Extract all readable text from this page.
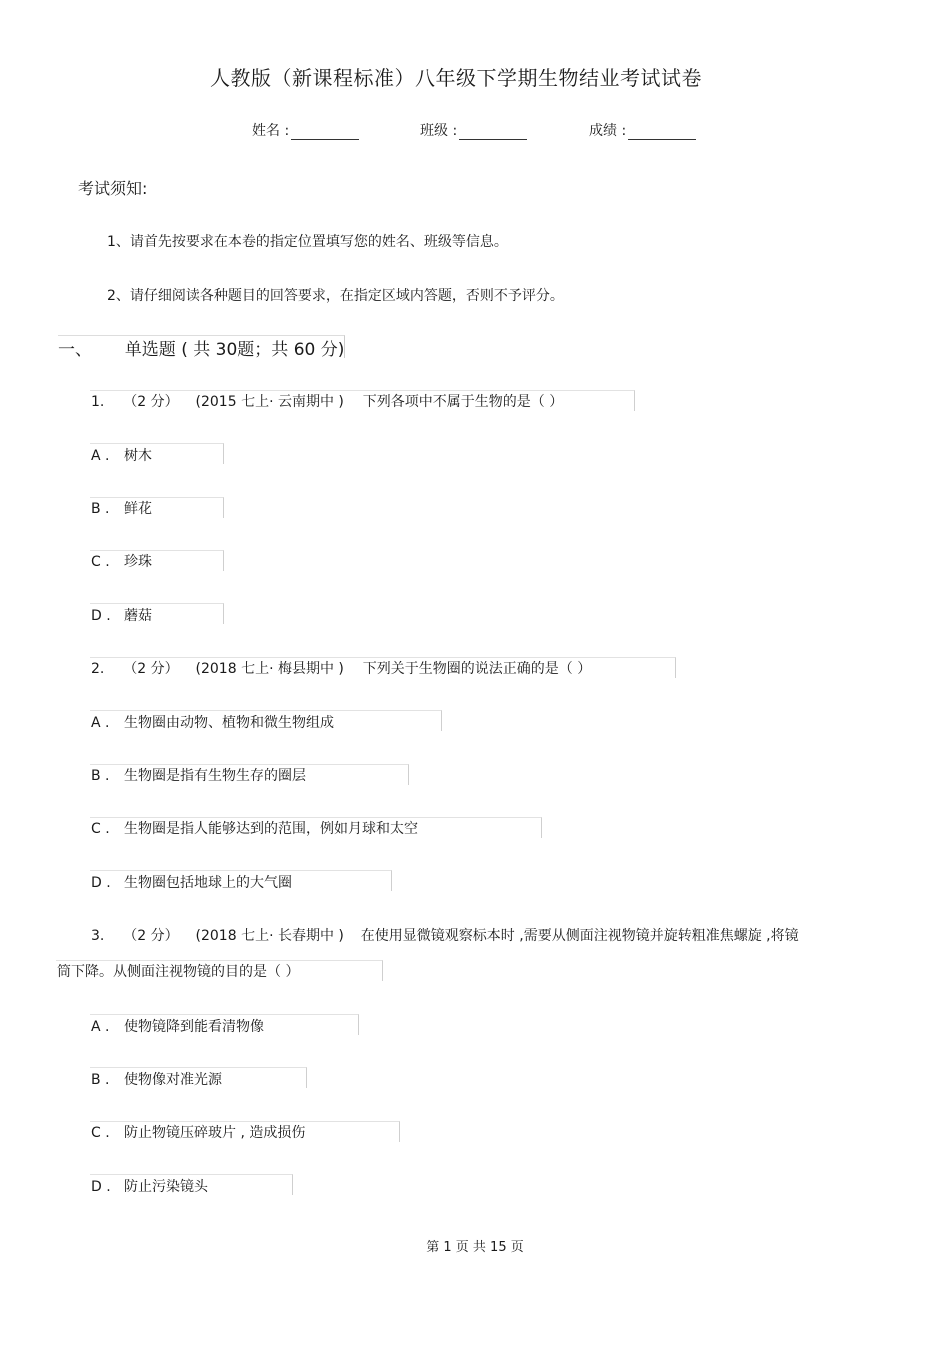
人教版（新课程标准）八年级下学期生物结业考试试卷
姓名 :	班级 :	成绩 :
考试须知:
1、请首先按要求在本卷的指定位置填写您的姓名、班级等信息。
2、请仔细阅读各种题目的回答要求，在指定区域内答题，否则不予评分。
一、 单选题 ( 共 30题；共 60 分)
1. （2 分） (2015 七上· 云南期中 ) 下列各项中不属于生物的是（ ）
A . 树木
B . 鲜花
C . 珍珠
D . 蘑菇
2. （2 分） (2018 七上· 梅县期中 ) 下列关于生物圈的说法正确的是（ ）
A . 生物圈由动物、植物和微生物组成
B . 生物圈是指有生物生存的圈层
C . 生物圈是指人能够达到的范围，例如月球和太空
D . 生物圈包括地球上的大气圈
3. （2 分） (2018 七上· 长春期中 ) 在使用显微镜观察标本时 ,需要从侧面注视物镜并旋转粗准焦螺旋 ,将镜
筒下降。从侧面注视物镜的目的是（ ）
A . 使物镜降到能看清物像
B . 使物像对准光源
C . 防止物镜压碎玻片 , 造成损伤
D . 防止污染镜头
第 1 页 共 15 页
